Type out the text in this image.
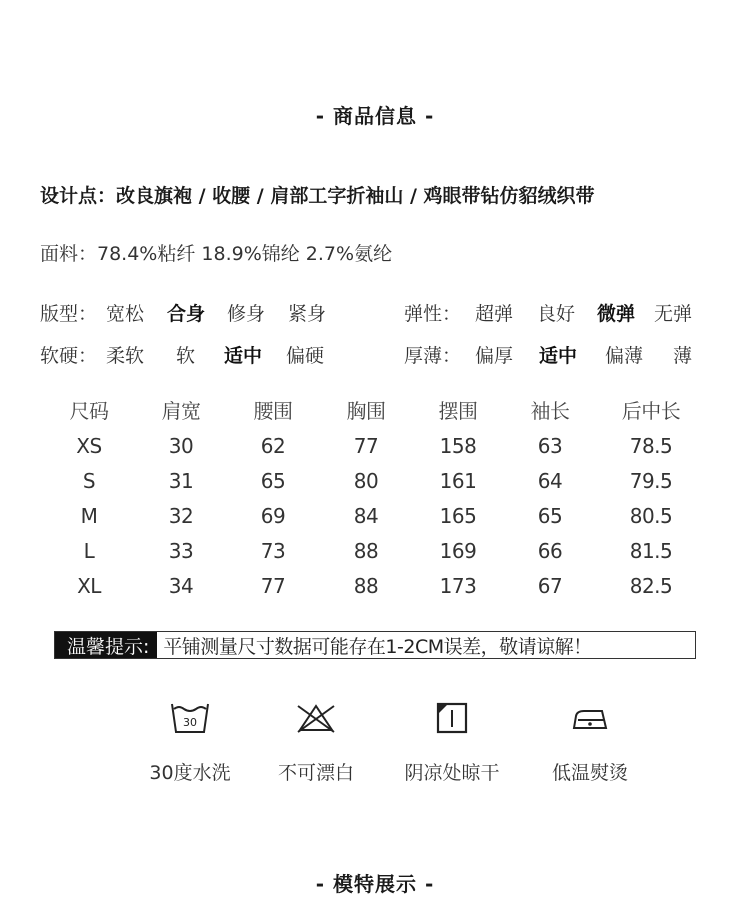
- 商品信息 -
设计点：改良旗袍 / 收腰 / 肩部工字折袖山 / 鸡眼带钻仿貂绒织带
面料：78.4%粘纤 18.9%锦纶 2.7%氨纶
版型： 宽松 合身 修身 紧身	弹性： 超弹 良好 微弹 无弹
软硬： 柔软 软 适中 偏硬	厚薄： 偏厚 适中 偏薄 薄
尺码	肩宽	腰围	胸围	摆围	袖长	后中长
XS	30	62	77	158	63	78.5
S	31	65	80	161	64	79.5
M	32	69	84	165	65	80.5
L	33	73	88	169	66	81.5
XL	34	77	88	173	67	82.5
温馨提示: 平铺测量尺寸数据可能存在1-2CM误差，敬请谅解！
30
30度水洗	不可漂白	阴凉处晾干	低温熨烫
- 模特展示 -
